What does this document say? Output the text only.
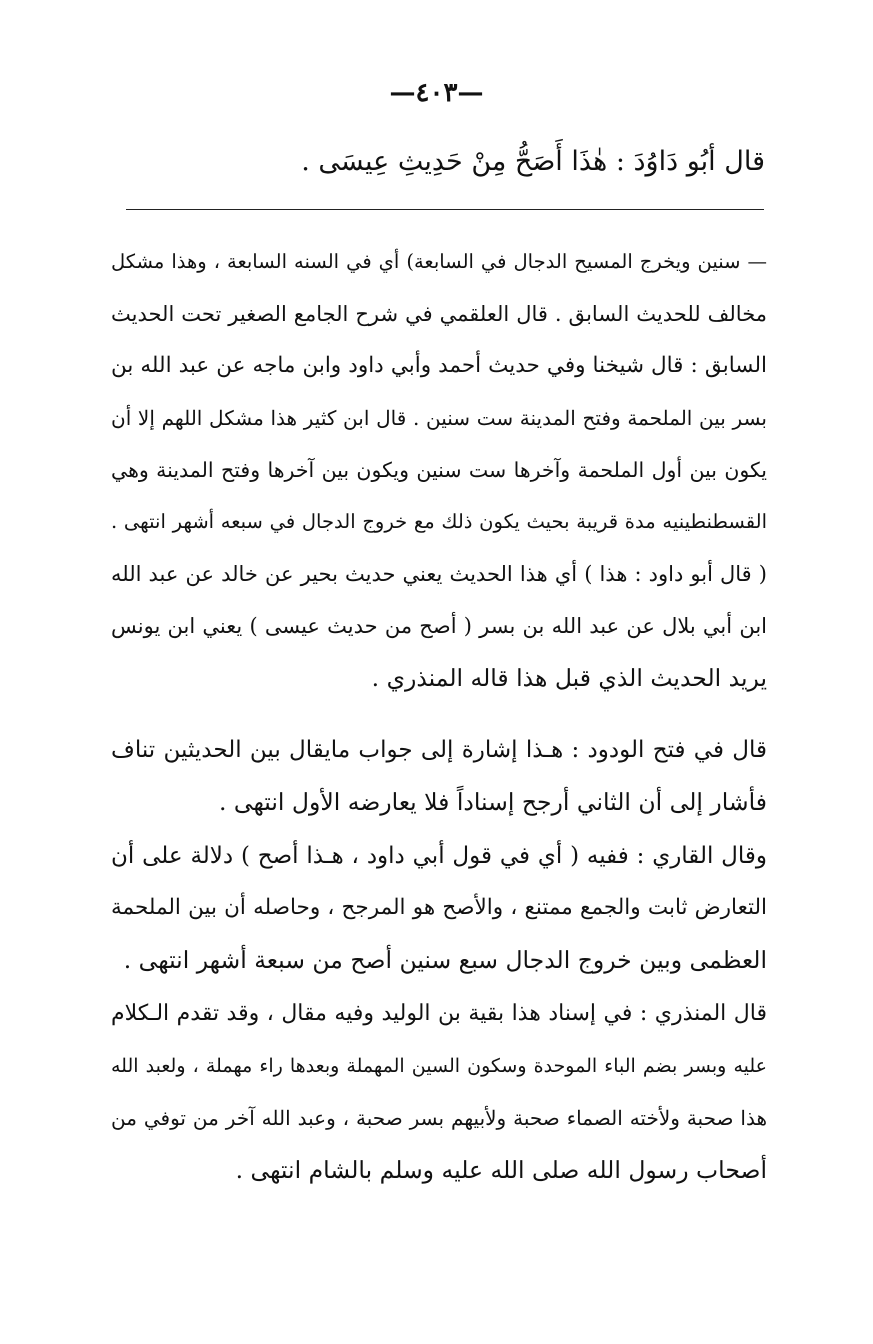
—٤٠٣—
قال أبُو دَاوُدَ : هٰذَا أَصَحُّ مِنْ حَدِيثِ عِيسَى .
— سنين ويخرج المسيح الدجال في السابعة) أي في السنه السابعة ، وهذا مشكل
مخالف للحديث السابق . قال العلقمي في شرح الجامع الصغير تحت الحديث
السابق : قال شيخنا وفي حديث أحمد وأبي داود وابن ماجه عن عبد الله بن
بسر بين الملحمة وفتح المدينة ست سنين . قال ابن كثير هذا مشكل اللهم إلا أن
يكون بين أول الملحمة وآخرها ست سنين ويكون بين آخرها وفتح المدينة وهي
القسطنطينيه مدة قريبة بحيث يكون ذلك مع خروج الدجال في سبعه أشهر انتهى .
( قال أبو داود : هذا ) أي هذا الحديث يعني حديث بحير عن خالد عن عبد الله
ابن أبي بلال عن عبد الله بن بسر ( أصح من حديث عيسى ) يعني ابن يونس
يريد الحديث الذي قبل هذا قاله المنذري .
قال في فتح الودود : هـذا إشارة إلى جواب مايقال بين الحديثين تناف
فأشار إلى أن الثاني أرجح إسناداً فلا يعارضه الأول انتهى .
وقال القاري : ففيه ( أي في قول أبي داود ، هـذا أصح ) دلالة على أن
التعارض ثابت والجمع ممتنع ، والأصح هو المرجح ، وحاصله أن بين الملحمة
العظمى وبين خروج الدجال سبع سنين أصح من سبعة أشهر انتهى .
قال المنذري : في إسناد هذا بقية بن الوليد وفيه مقال ، وقد تقدم الـكلام
عليه وبسر بضم الباء الموحدة وسكون السين المهملة وبعدها راء مهملة ، ولعبد الله
هذا صحبة ولأخته الصماء صحبة ولأبيهم بسر صحبة ، وعبد الله آخر من توفي من
أصحاب رسول الله صلى الله عليه وسلم بالشام انتهى .
